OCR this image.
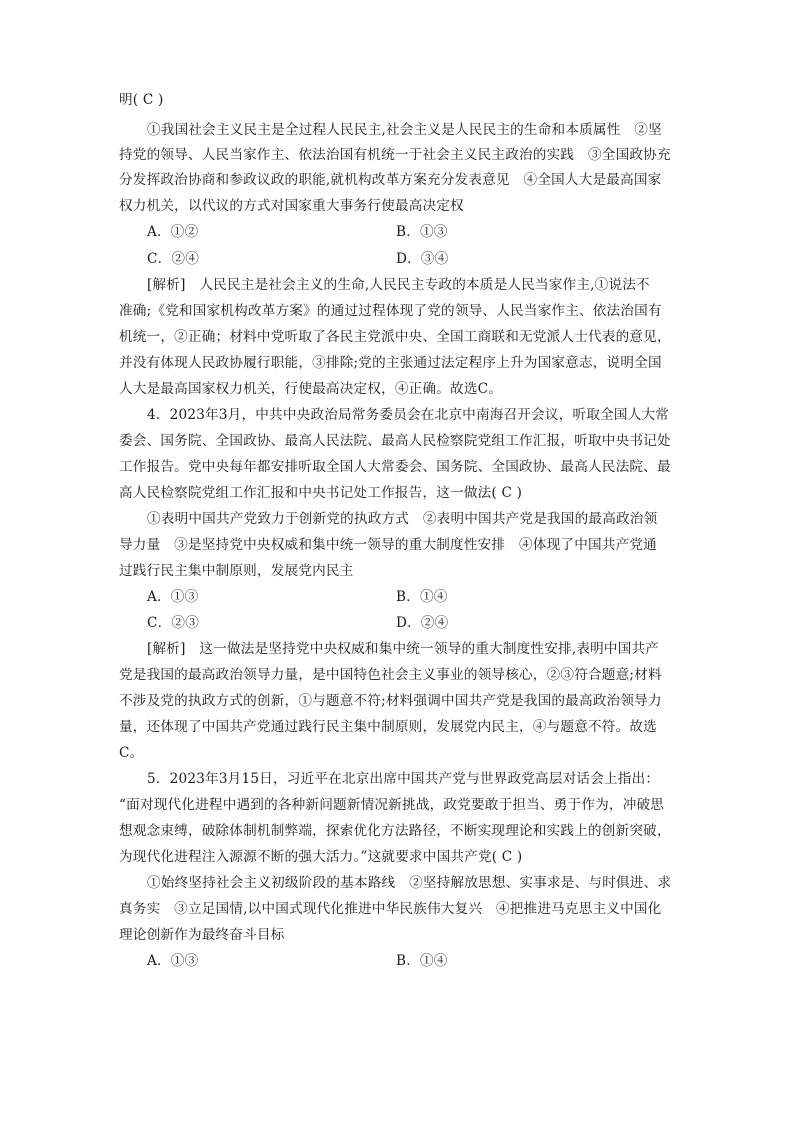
明( C )
①我国社会主义民主是全过程人民民主,社会主义是人民民主的生命和本质属性　②坚
持党的领导、人民当家作主、依法治国有机统一于社会主义民主政治的实践　③全国政协充
分发挥政治协商和参政议政的职能,就机构改革方案充分发表意见　④全国人大是最高国家
权力机关，以代议的方式对国家重大事务行使最高决定权
A．①②	B．①③
C．②④	D．③④
[解析]　人民民主是社会主义的生命,人民民主专政的本质是人民当家作主,①说法不
准确;《党和国家机构改革方案》的通过过程体现了党的领导、人民当家作主、依法治国有
机统一，②正确；材料中党听取了各民主党派中央、全国工商联和无党派人士代表的意见，
并没有体现人民政协履行职能，③排除;党的主张通过法定程序上升为国家意志，说明全国
人大是最高国家权力机关，行使最高决定权，④正确。故选C。
4．2023年3月，中共中央政治局常务委员会在北京中南海召开会议，听取全国人大常
委会、国务院、全国政协、最高人民法院、最高人民检察院党组工作汇报，听取中央书记处
工作报告。党中央每年都安排听取全国人大常委会、国务院、全国政协、最高人民法院、最
高人民检察院党组工作汇报和中央书记处工作报告，这一做法( C )
①表明中国共产党致力于创新党的执政方式　②表明中国共产党是我国的最高政治领
导力量　③是坚持党中央权威和集中统一领导的重大制度性安排　④体现了中国共产党通
过践行民主集中制原则，发展党内民主
A．①③	B．①④
C．②③	D．②④
[解析]　这一做法是坚持党中央权威和集中统一领导的重大制度性安排,表明中国共产
党是我国的最高政治领导力量，是中国特色社会主义事业的领导核心，②③符合题意;材料
不涉及党的执政方式的创新，①与题意不符;材料强调中国共产党是我国的最高政治领导力
量，还体现了中国共产党通过践行民主集中制原则，发展党内民主，④与题意不符。故选
C。
5．2023年3月15日，习近平在北京出席中国共产党与世界政党高层对话会上指出：
“面对现代化进程中遇到的各种新问题新情况新挑战，政党要敢于担当、勇于作为，冲破思
想观念束缚，破除体制机制弊端，探索优化方法路径，不断实现理论和实践上的创新突破，
为现代化进程注入源源不断的强大活力。”这就要求中国共产党( C )
①始终坚持社会主义初级阶段的基本路线　②坚持解放思想、实事求是、与时俱进、求
真务实　③立足国情,以中国式现代化推进中华民族伟大复兴　④把推进马克思主义中国化
理论创新作为最终奋斗目标
A．①③	B．①④
